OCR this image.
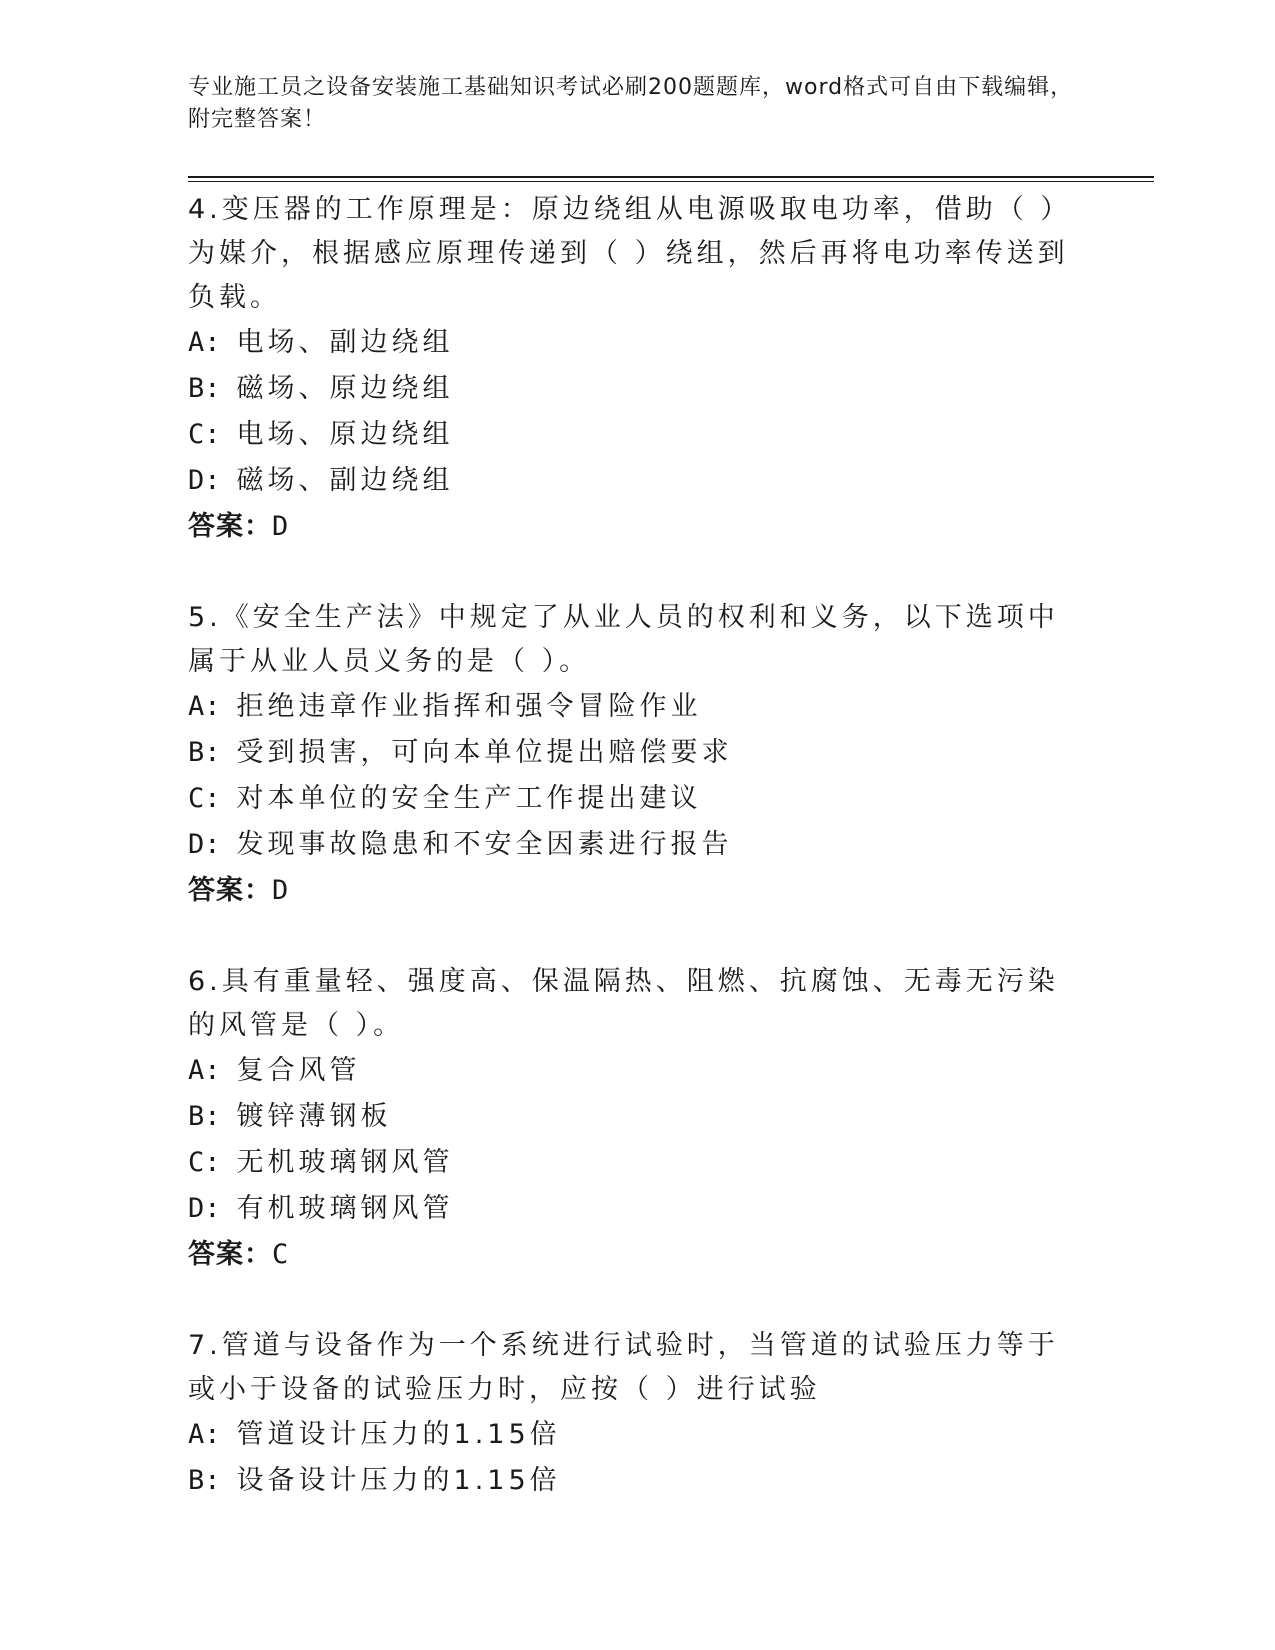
专业施工员之设备安装施工基础知识考试必刷200题题库，word格式可自由下载编辑，附完整答案！
4.变压器的工作原理是：原边绕组从电源吸取电功率，借助（ ）为媒介，根据感应原理传递到（ ）绕组，然后再将电功率传送到负载。
A: 电场、副边绕组
B: 磁场、原边绕组
C: 电场、原边绕组
D: 磁场、副边绕组
答案：D
5.《安全生产法》中规定了从业人员的权利和义务，以下选项中属于从业人员义务的是（ ）。
A: 拒绝违章作业指挥和强令冒险作业
B: 受到损害，可向本单位提出赔偿要求
C: 对本单位的安全生产工作提出建议
D: 发现事故隐患和不安全因素进行报告
答案：D
6.具有重量轻、强度高、保温隔热、阻燃、抗腐蚀、无毒无污染的风管是（ ）。
A: 复合风管
B: 镀锌薄钢板
C: 无机玻璃钢风管
D: 有机玻璃钢风管
答案：C
7.管道与设备作为一个系统进行试验时，当管道的试验压力等于或小于设备的试验压力时，应按（ ）进行试验
A: 管道设计压力的1.15倍
B: 设备设计压力的1.15倍
